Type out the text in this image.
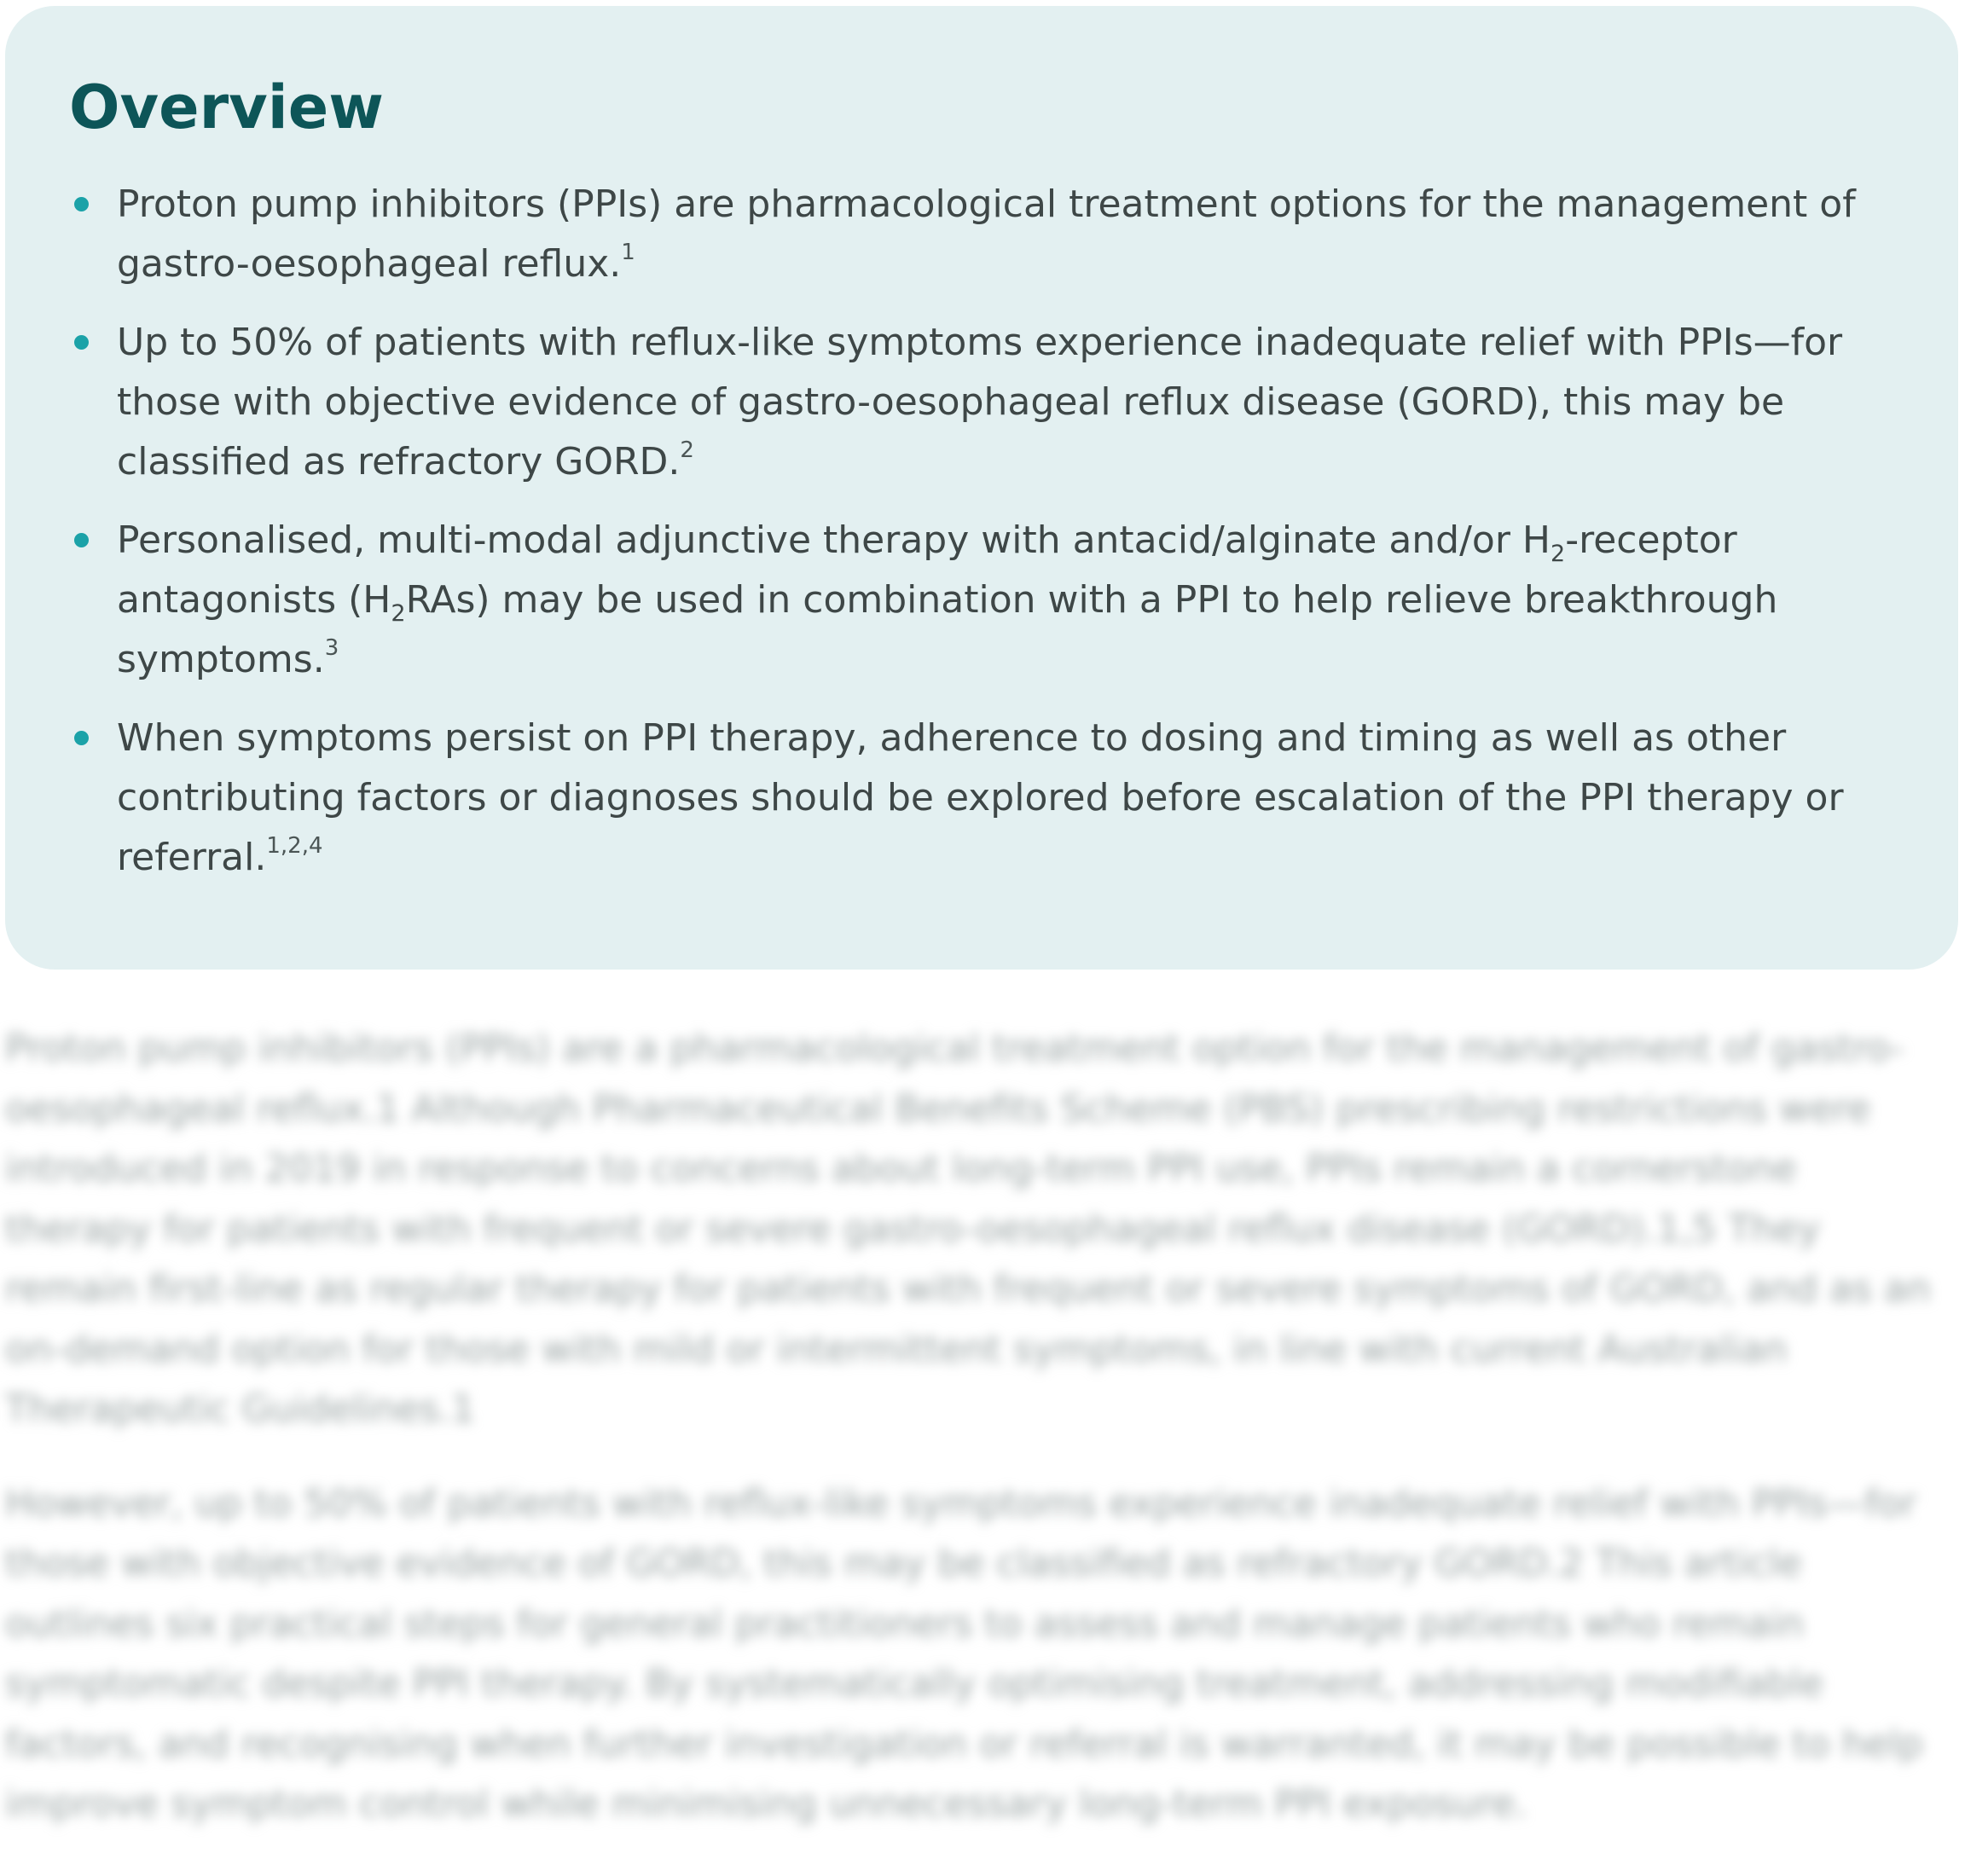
Overview
Proton pump inhibitors (PPIs) are pharmacological treatment options for the management of gastro-oesophageal reflux.$^1$
Up to 50% of patients with reflux-like symptoms experience inadequate relief with PPIs—for those with objective evidence of gastro-oesophageal reflux disease (GORD), this may be classified as refractory GORD.$^2$
Personalised, multi-modal adjunctive therapy with antacid/alginate and/or $H_2$-receptor antagonists $(H_2RAs)$ may be used in combination with a PPI to help relieve breakthrough symptoms.$^3$
When symptoms persist on PPI therapy, adherence to dosing and timing as well as other contributing factors or diagnoses should be explored before escalation of the PPI therapy or referral.$^{1,2,4}$

Proton pump inhibitors (PPIs) are a pharmacological treatment option for the management of gastro-oesophageal reflux.1 Although Pharmaceutical Benefits Scheme (PBS) prescribing restrictions were introduced in 2019 in response to concerns about long-term PPI use, PPIs remain a cornerstone therapy for patients with frequent or severe gastro-oesophageal reflux disease (GORD).1,5 They remain first-line as regular therapy for patients with frequent or severe symptoms of GORD, and as an on-demand option for those with mild or intermittent symptoms, in line with current Australian Therapeutic Guidelines.1

However, up to 50% of patients with reflux-like symptoms experience inadequate relief with PPIs—for those with objective evidence of GORD, this may be classified as refractory GORD.2 This article outlines six practical steps for general practitioners to assess and manage patients who remain symptomatic despite PPI therapy. By systematically optimising treatment, addressing modifiable factors, and recognising when further investigation or referral is warranted, it may be possible to help improve symptom control while minimising unnecessary long-term PPI exposure.
